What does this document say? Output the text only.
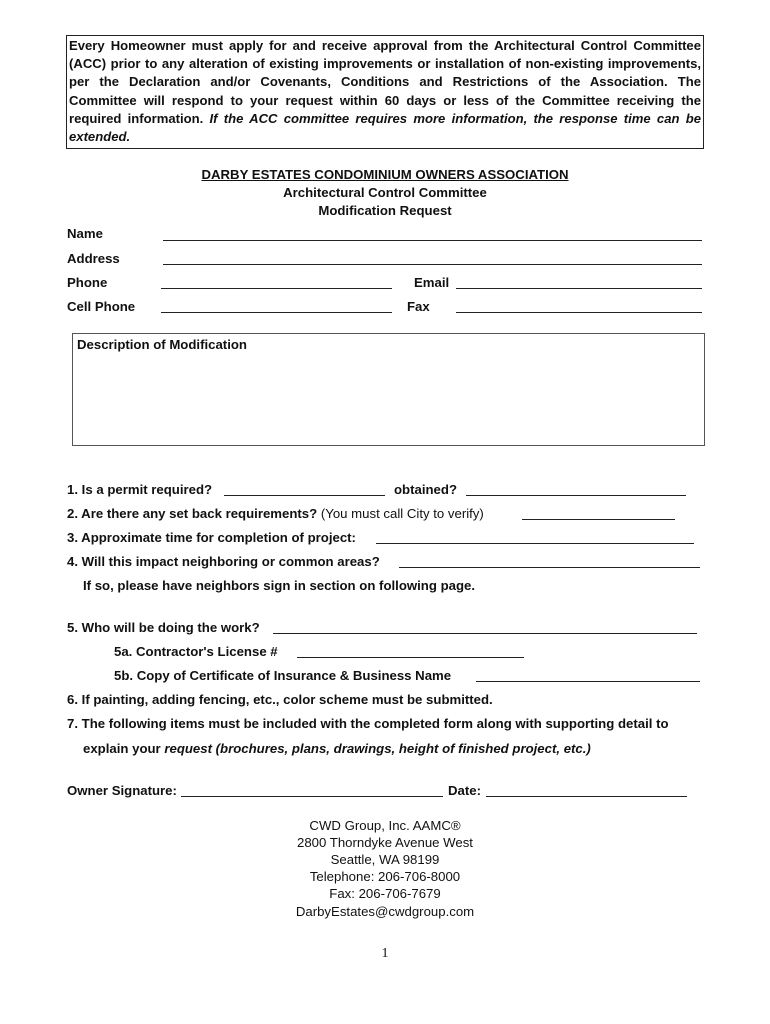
Every Homeowner must apply for and receive approval from the Architectural Control Committee (ACC) prior to any alteration of existing improvements or installation of non-existing improvements, per the Declaration and/or Covenants, Conditions and Restrictions of the Association. The Committee will respond to your request within 60 days or less of the Committee receiving the required information. If the ACC committee requires more information, the response time can be extended.
DARBY ESTATES CONDOMINIUM OWNERS ASSOCIATION
Architectural Control Committee
Modification Request
Name
Address
Phone	Email
Cell Phone	Fax
Description of Modification
1. Is a permit required?	obtained?
2. Are there any set back requirements? (You must call City to verify)
3. Approximate time for completion of project:
4. Will this impact neighboring or common areas?
If so, please have neighbors sign in section on following page.
5. Who will be doing the work?
5a. Contractor's License #
5b. Copy of Certificate of Insurance & Business Name
6. If painting, adding fencing, etc., color scheme must be submitted.
7. The following items must be included with the completed form along with supporting detail to
explain your request (brochures, plans, drawings, height of finished project, etc.)
Owner Signature:	Date:
CWD Group, Inc. AAMC®
2800 Thorndyke Avenue West
Seattle, WA 98199
Telephone: 206-706-8000
Fax: 206-706-7679
DarbyEstates@cwdgroup.com
1
